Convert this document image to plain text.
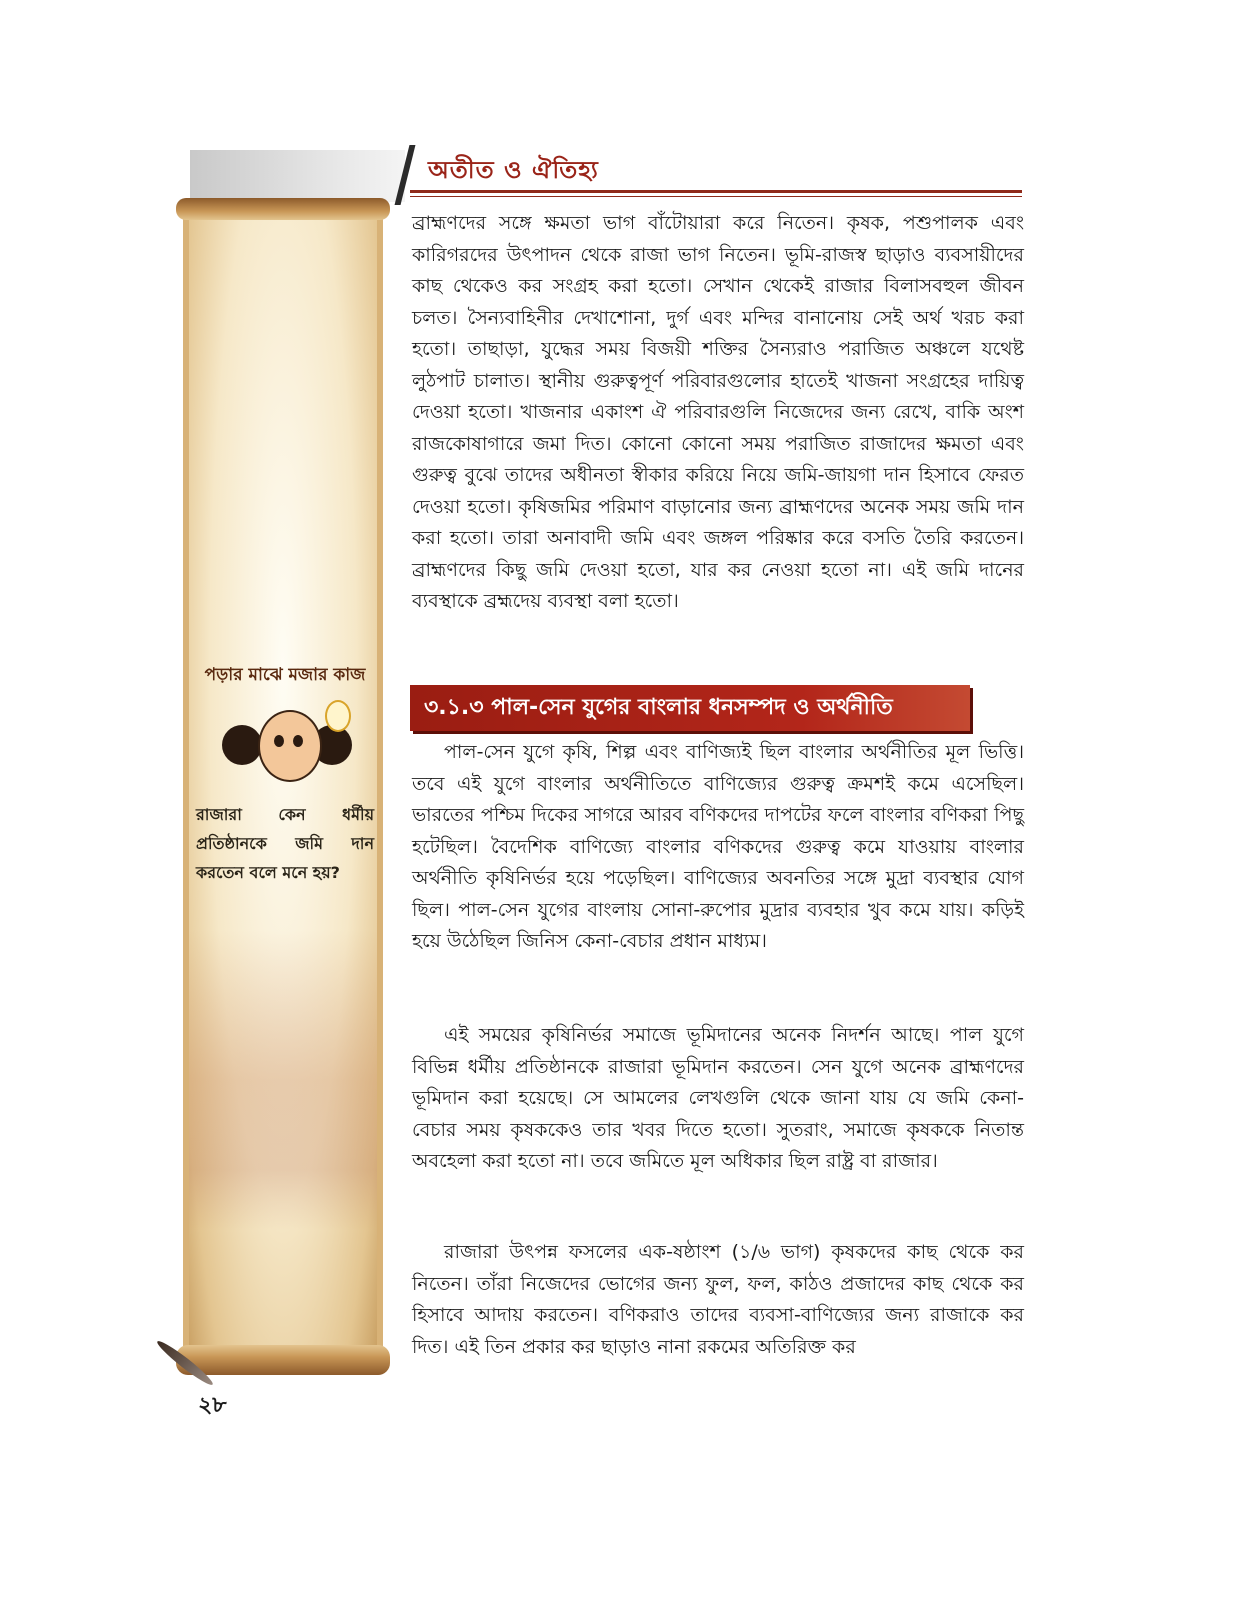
অতীত ও ঐতিহ্য
পড়ার মাঝে মজার কাজ
রাজারা কেন ধর্মীয় প্রতিষ্ঠানকে জমি দান করতেন বলে মনে হয়?
ব্রাহ্মণদের সঙ্গে ক্ষমতা ভাগ বাঁটোয়ারা করে নিতেন। কৃষক, পশুপালক এবং কারিগরদের উৎপাদন থেকে রাজা ভাগ নিতেন। ভূমি-রাজস্ব ছাড়াও ব্যবসায়ীদের কাছ থেকেও কর সংগ্রহ করা হতো। সেখান থেকেই রাজার বিলাসবহুল জীবন চলত। সৈন্যবাহিনীর দেখাশোনা, দুর্গ এবং মন্দির বানানোয় সেই অর্থ খরচ করা হতো। তাছাড়া, যুদ্ধের সময় বিজয়ী শক্তির সৈন্যরাও পরাজিত অঞ্চলে যথেষ্ট লুঠপাট চালাত। স্থানীয় গুরুত্বপূর্ণ পরিবারগুলোর হাতেই খাজনা সংগ্রহের দায়িত্ব দেওয়া হতো। খাজনার একাংশ ঐ পরিবারগুলি নিজেদের জন্য রেখে, বাকি অংশ রাজকোষাগারে জমা দিত। কোনো কোনো সময় পরাজিত রাজাদের ক্ষমতা এবং গুরুত্ব বুঝে তাদের অধীনতা স্বীকার করিয়ে নিয়ে জমি-জায়গা দান হিসাবে ফেরত দেওয়া হতো। কৃষিজমির পরিমাণ বাড়ানোর জন্য ব্রাহ্মণদের অনেক সময় জমি দান করা হতো। তারা অনাবাদী জমি এবং জঙ্গল পরিষ্কার করে বসতি তৈরি করতেন। ব্রাহ্মণদের কিছু জমি দেওয়া হতো, যার কর নেওয়া হতো না। এই জমি দানের ব্যবস্থাকে ব্রহ্মদেয় ব্যবস্থা বলা হতো।
৩.১.৩ পাল-সেন যুগের বাংলার ধনসম্পদ ও অর্থনীতি
পাল-সেন যুগে কৃষি, শিল্প এবং বাণিজ্যই ছিল বাংলার অর্থনীতির মূল ভিত্তি। তবে এই যুগে বাংলার অর্থনীতিতে বাণিজ্যের গুরুত্ব ক্রমশই কমে এসেছিল। ভারতের পশ্চিম দিকের সাগরে আরব বণিকদের দাপটের ফলে বাংলার বণিকরা পিছু হটেছিল। বৈদেশিক বাণিজ্যে বাংলার বণিকদের গুরুত্ব কমে যাওয়ায় বাংলার অর্থনীতি কৃষিনির্ভর হয়ে পড়েছিল। বাণিজ্যের অবনতির সঙ্গে মুদ্রা ব্যবস্থার যোগ ছিল। পাল-সেন যুগের বাংলায় সোনা-রুপোর মুদ্রার ব্যবহার খুব কমে যায়। কড়িই হয়ে উঠেছিল জিনিস কেনা-বেচার প্রধান মাধ্যম।
এই সময়ের কৃষিনির্ভর সমাজে ভূমিদানের অনেক নিদর্শন আছে। পাল যুগে বিভিন্ন ধর্মীয় প্রতিষ্ঠানকে রাজারা ভূমিদান করতেন। সেন যুগে অনেক ব্রাহ্মণদের ভূমিদান করা হয়েছে। সে আমলের লেখগুলি থেকে জানা যায় যে জমি কেনা-বেচার সময় কৃষককেও তার খবর দিতে হতো। সুতরাং, সমাজে কৃষককে নিতান্ত অবহেলা করা হতো না। তবে জমিতে মূল অধিকার ছিল রাষ্ট্র বা রাজার।
রাজারা উৎপন্ন ফসলের এক-ষষ্ঠাংশ (১/৬ ভাগ) কৃষকদের কাছ থেকে কর নিতেন। তাঁরা নিজেদের ভোগের জন্য ফুল, ফল, কাঠও প্রজাদের কাছ থেকে কর হিসাবে আদায় করতেন। বণিকরাও তাদের ব্যবসা-বাণিজ্যের জন্য রাজাকে কর দিত। এই তিন প্রকার কর ছাড়াও নানা রকমের অতিরিক্ত কর
২৮
